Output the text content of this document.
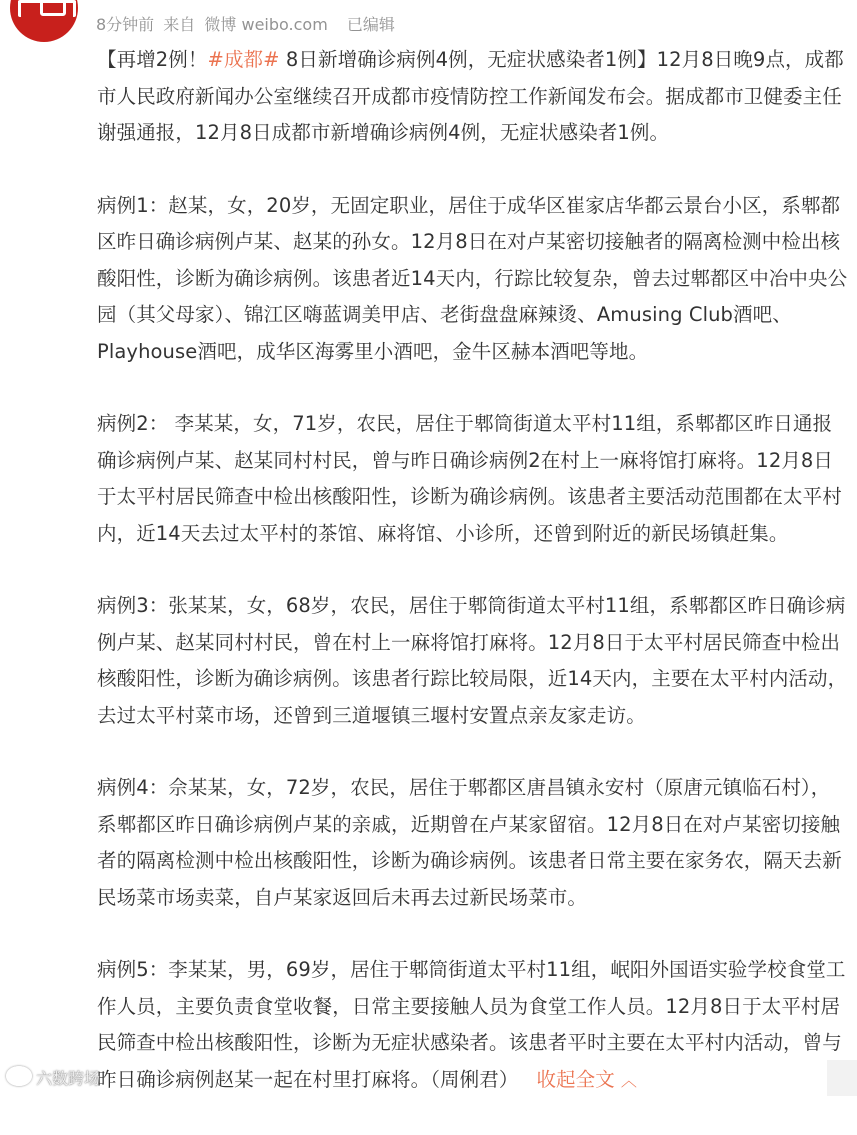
8分钟前 来自 微博 weibo.com 已编辑

【再增2例！#成都# 8日新增确诊病例4例，无症状感染者1例】12月8日晚9点，成都市人民政府新闻办公室继续召开成都市疫情防控工作新闻发布会。据成都市卫健委主任谢强通报，12月8日成都市新增确诊病例4例，无症状感染者1例。

病例1：赵某，女，20岁，无固定职业，居住于成华区崔家店华都云景台小区，系郫都区昨日确诊病例卢某、赵某的孙女。12月8日在对卢某密切接触者的隔离检测中检出核酸阳性，诊断为确诊病例。该患者近14天内，行踪比较复杂，曾去过郫都区中冶中央公园（其父母家）、锦江区嗨蓝调美甲店、老街盘盘麻辣烫、Amusing Club酒吧、Playhouse酒吧，成华区海雾里小酒吧，金牛区赫本酒吧等地。

病例2： 李某某，女，71岁，农民，居住于郫筒街道太平村11组，系郫都区昨日通报确诊病例卢某、赵某同村村民，曾与昨日确诊病例2在村上一麻将馆打麻将。12月8日于太平村居民筛查中检出核酸阳性，诊断为确诊病例。该患者主要活动范围都在太平村内，近14天去过太平村的茶馆、麻将馆、小诊所，还曾到附近的新民场镇赶集。

病例3：张某某，女，68岁，农民，居住于郫筒街道太平村11组，系郫都区昨日确诊病例卢某、赵某同村村民，曾在村上一麻将馆打麻将。12月8日于太平村居民筛查中检出核酸阳性，诊断为确诊病例。该患者行踪比较局限，近14天内，主要在太平村内活动，去过太平村菜市场，还曾到三道堰镇三堰村安置点亲友家走访。

病例4：佘某某，女，72岁，农民，居住于郫都区唐昌镇永安村（原唐元镇临石村），系郫都区昨日确诊病例卢某的亲戚，近期曾在卢某家留宿。12月8日在对卢某密切接触者的隔离检测中检出核酸阳性，诊断为确诊病例。该患者日常主要在家务农，隔天去新民场菜市场卖菜，自卢某家返回后未再去过新民场菜市。

病例5：李某某，男，69岁，居住于郫筒街道太平村11组，岷阳外国语实验学校食堂工作人员，主要负责食堂收餐，日常主要接触人员为食堂工作人员。12月8日于太平村居民筛查中检出核酸阳性，诊断为无症状感染者。该患者平时主要在太平村内活动，曾与昨日确诊病例赵某一起在村里打麻将。（周俐君） 收起全文 ︿

六数跨场
